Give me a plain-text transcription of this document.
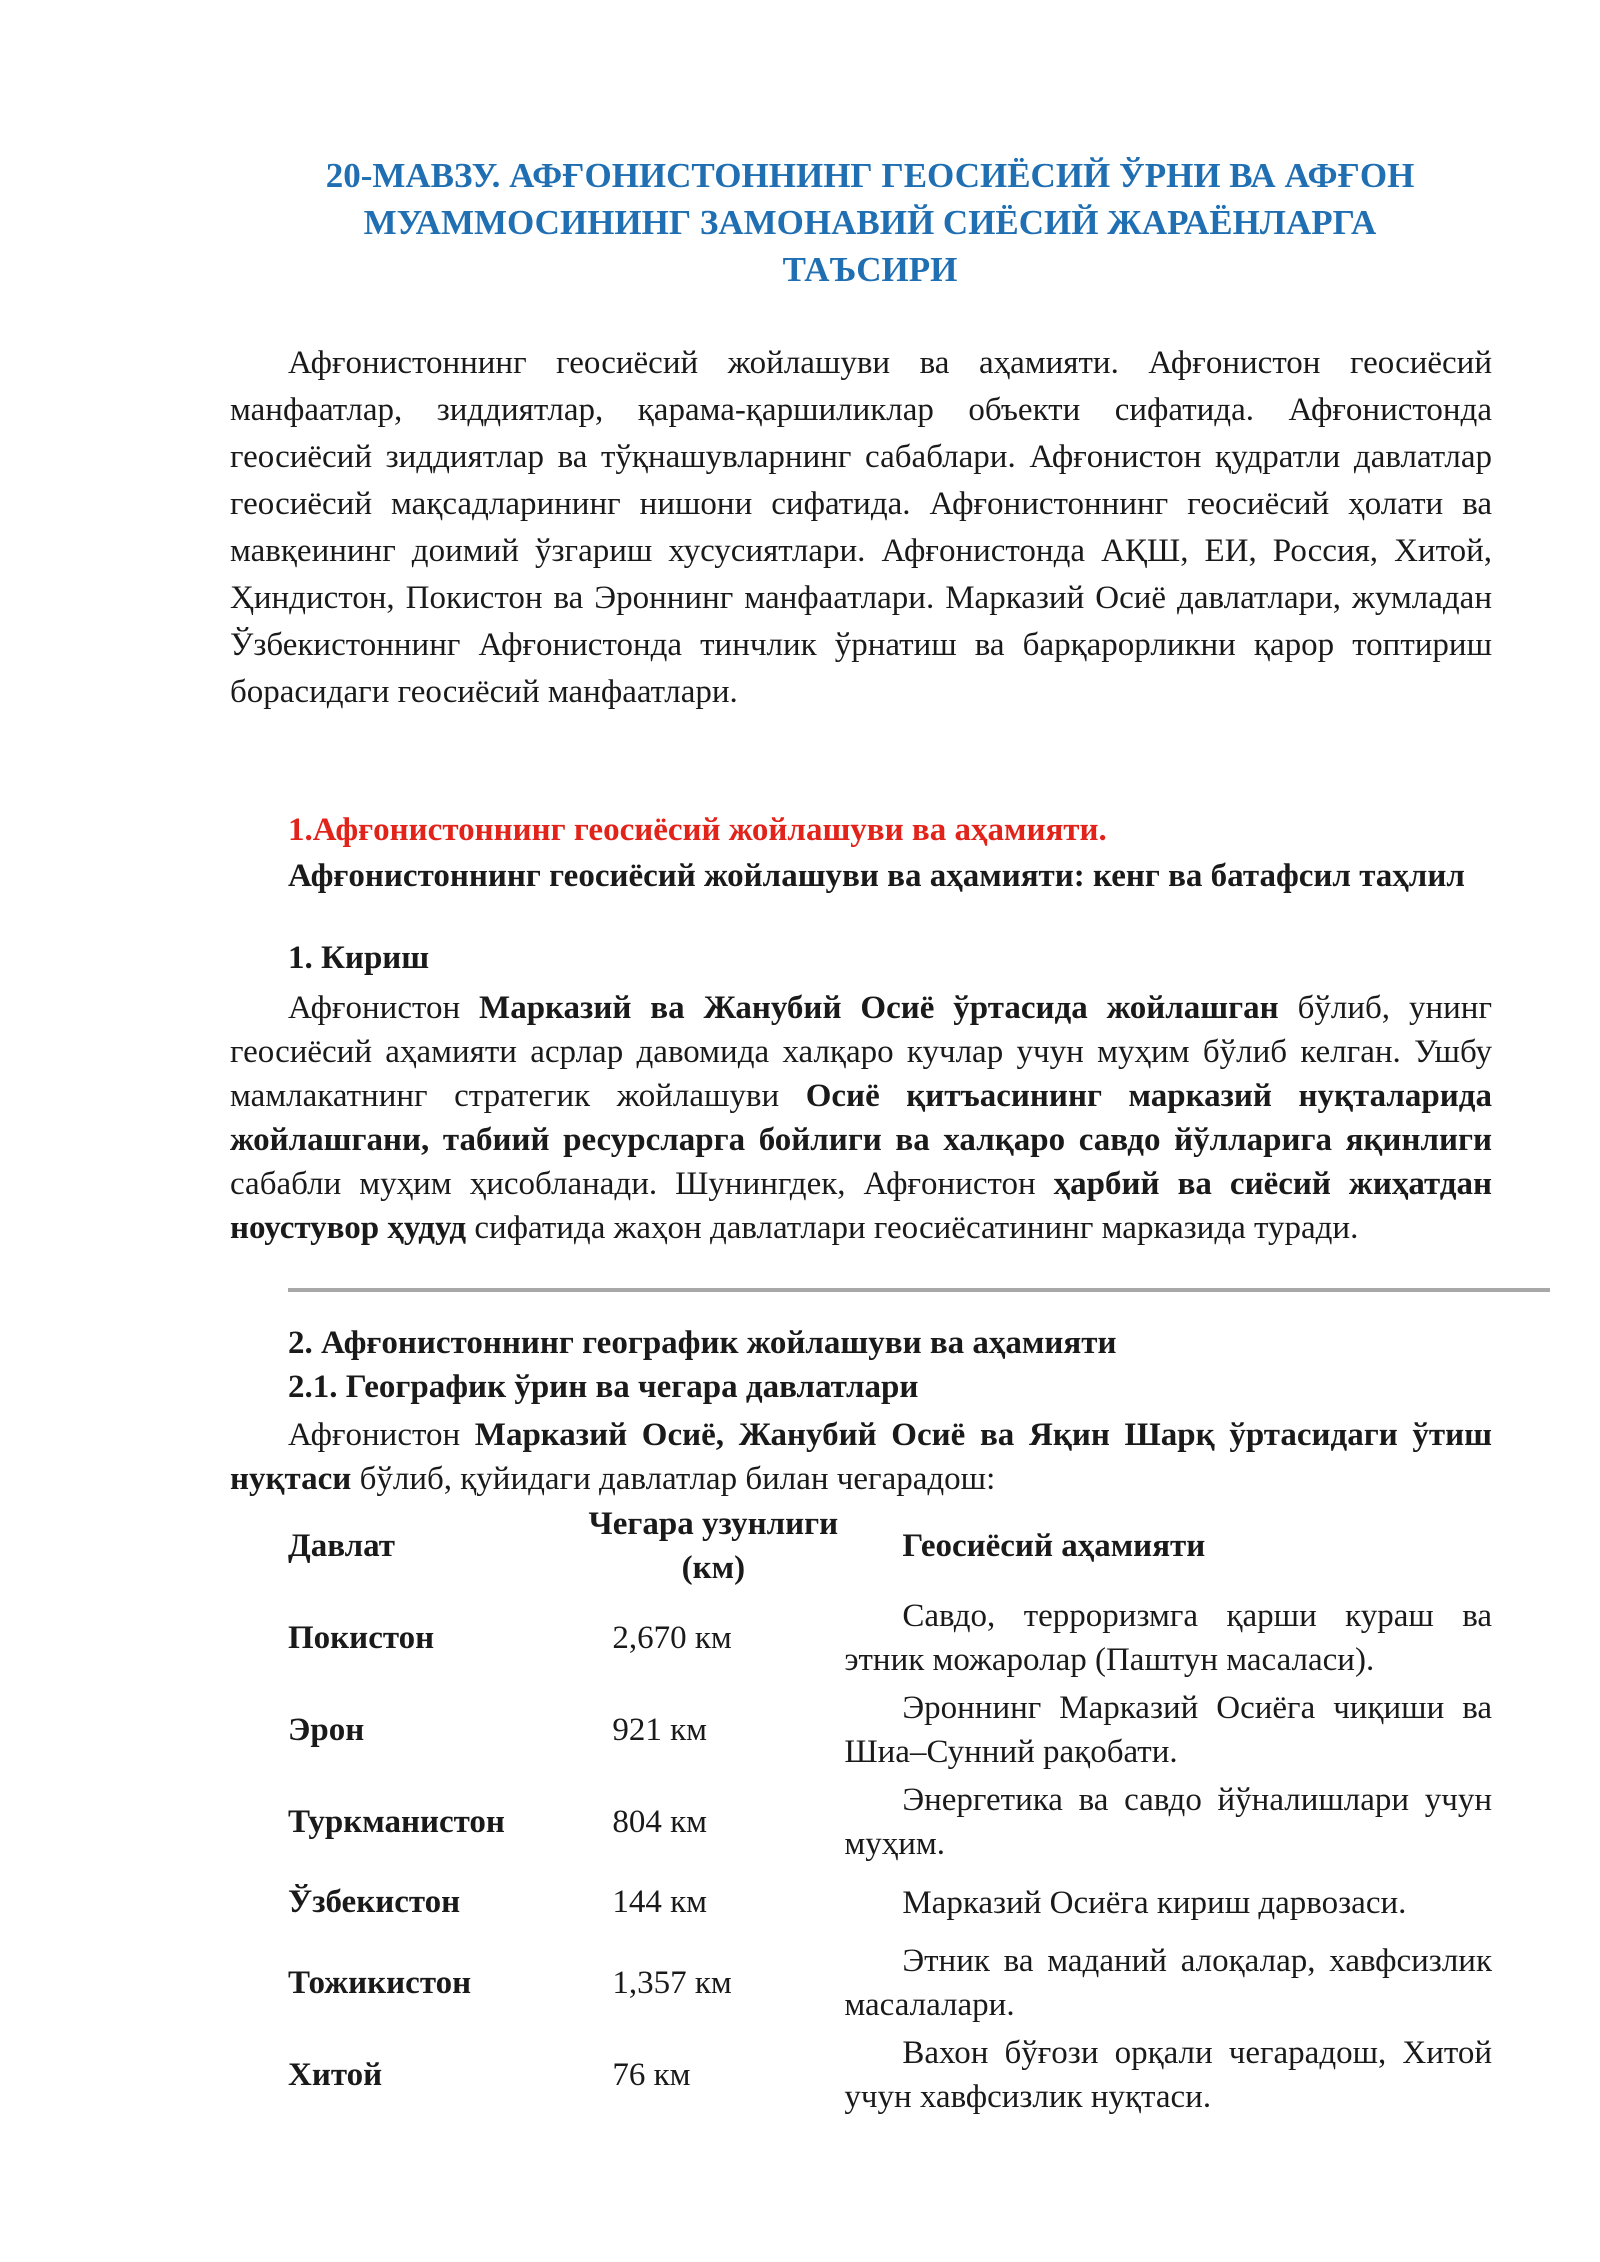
20-МАВЗУ. АФҒОНИСТОННИНГ ГЕОСИЁСИЙ ЎРНИ ВА АФҒОН
МУАММОСИНИНГ ЗАМОНАВИЙ СИЁСИЙ ЖАРАЁНЛАРГА
ТАЪСИРИ

Афғонистоннинг геосиёсий жойлашуви ва аҳамияти. Афғонистон геосиёсий манфаатлар, зиддиятлар, қарама-қаршиликлар объекти сифатида. Афғонистонда геосиёсий зиддиятлар ва тўқнашувларнинг сабаблари. Афғонистон қудратли давлатлар геосиёсий мақсадларининг нишони сифатида. Афғонистоннинг геосиёсий ҳолати ва мавқеининг доимий ўзгариш хусусиятлари. Афғонистонда АҚШ, ЕИ, Россия, Хитой, Ҳиндистон, Покистон ва Эроннинг манфаатлари. Марказий Осиё давлатлари, жумладан Ўзбекистоннинг Афғонистонда тинчлик ўрнатиш ва барқарорликни қарор топтириш борасидаги геосиёсий манфаатлари.

1.Афғонистоннинг геосиёсий жойлашуви ва аҳамияти.

Афғонистоннинг геосиёсий жойлашуви ва аҳамияти: кенг ва батафсил таҳлил

1. Кириш

Афғонистон Марказий ва Жанубий Осиё ўртасида жойлашган бўлиб, унинг геосиёсий аҳамияти асрлар давомида халқаро кучлар учун муҳим бўлиб келган. Ушбу мамлакатнинг стратегик жойлашуви Осиё қитъасининг марказий нуқталарида жойлашгани, табиий ресурсларга бойлиги ва халқаро савдо йўлларига яқинлиги сабабли муҳим ҳисобланади. Шунингдек, Афғонистон ҳарбий ва сиёсий жиҳатдан ноустувор ҳудуд сифатида жаҳон давлатлари геосиёсатининг марказида туради.

2. Афғонистоннинг географик жойлашуви ва аҳамияти

2.1. Географик ўрин ва чегара давлатлари

Афғонистон Марказий Осиё, Жанубий Осиё ва Яқин Шарқ ўртасидаги ўтиш нуқтаси бўлиб, қуйидаги давлатлар билан чегарадош:

Давлат	Чегара узунлиги (км)	Геосиёсий аҳамияти
Покистон	2,670 км	Савдо, терроризмга қарши кураш ва этник можаролар (Паштун масаласи).

Эрон	921 км	Эроннинг Марказий Осиёга чиқиши ва Шиа–Сунний рақобати.

Туркманистон	804 км	Энергетика ва савдо йўналишлари учун муҳим.

Ўзбекистон	144 км	Марказий Осиёга кириш дарвозаси.

Тожикистон	1,357 км	Этник ва маданий алоқалар, хавфсизлик масалалари.

Хитой	76 км	Вахон бўғози орқали чегарадош, Хитой учун хавфсизлик нуқтаси.
